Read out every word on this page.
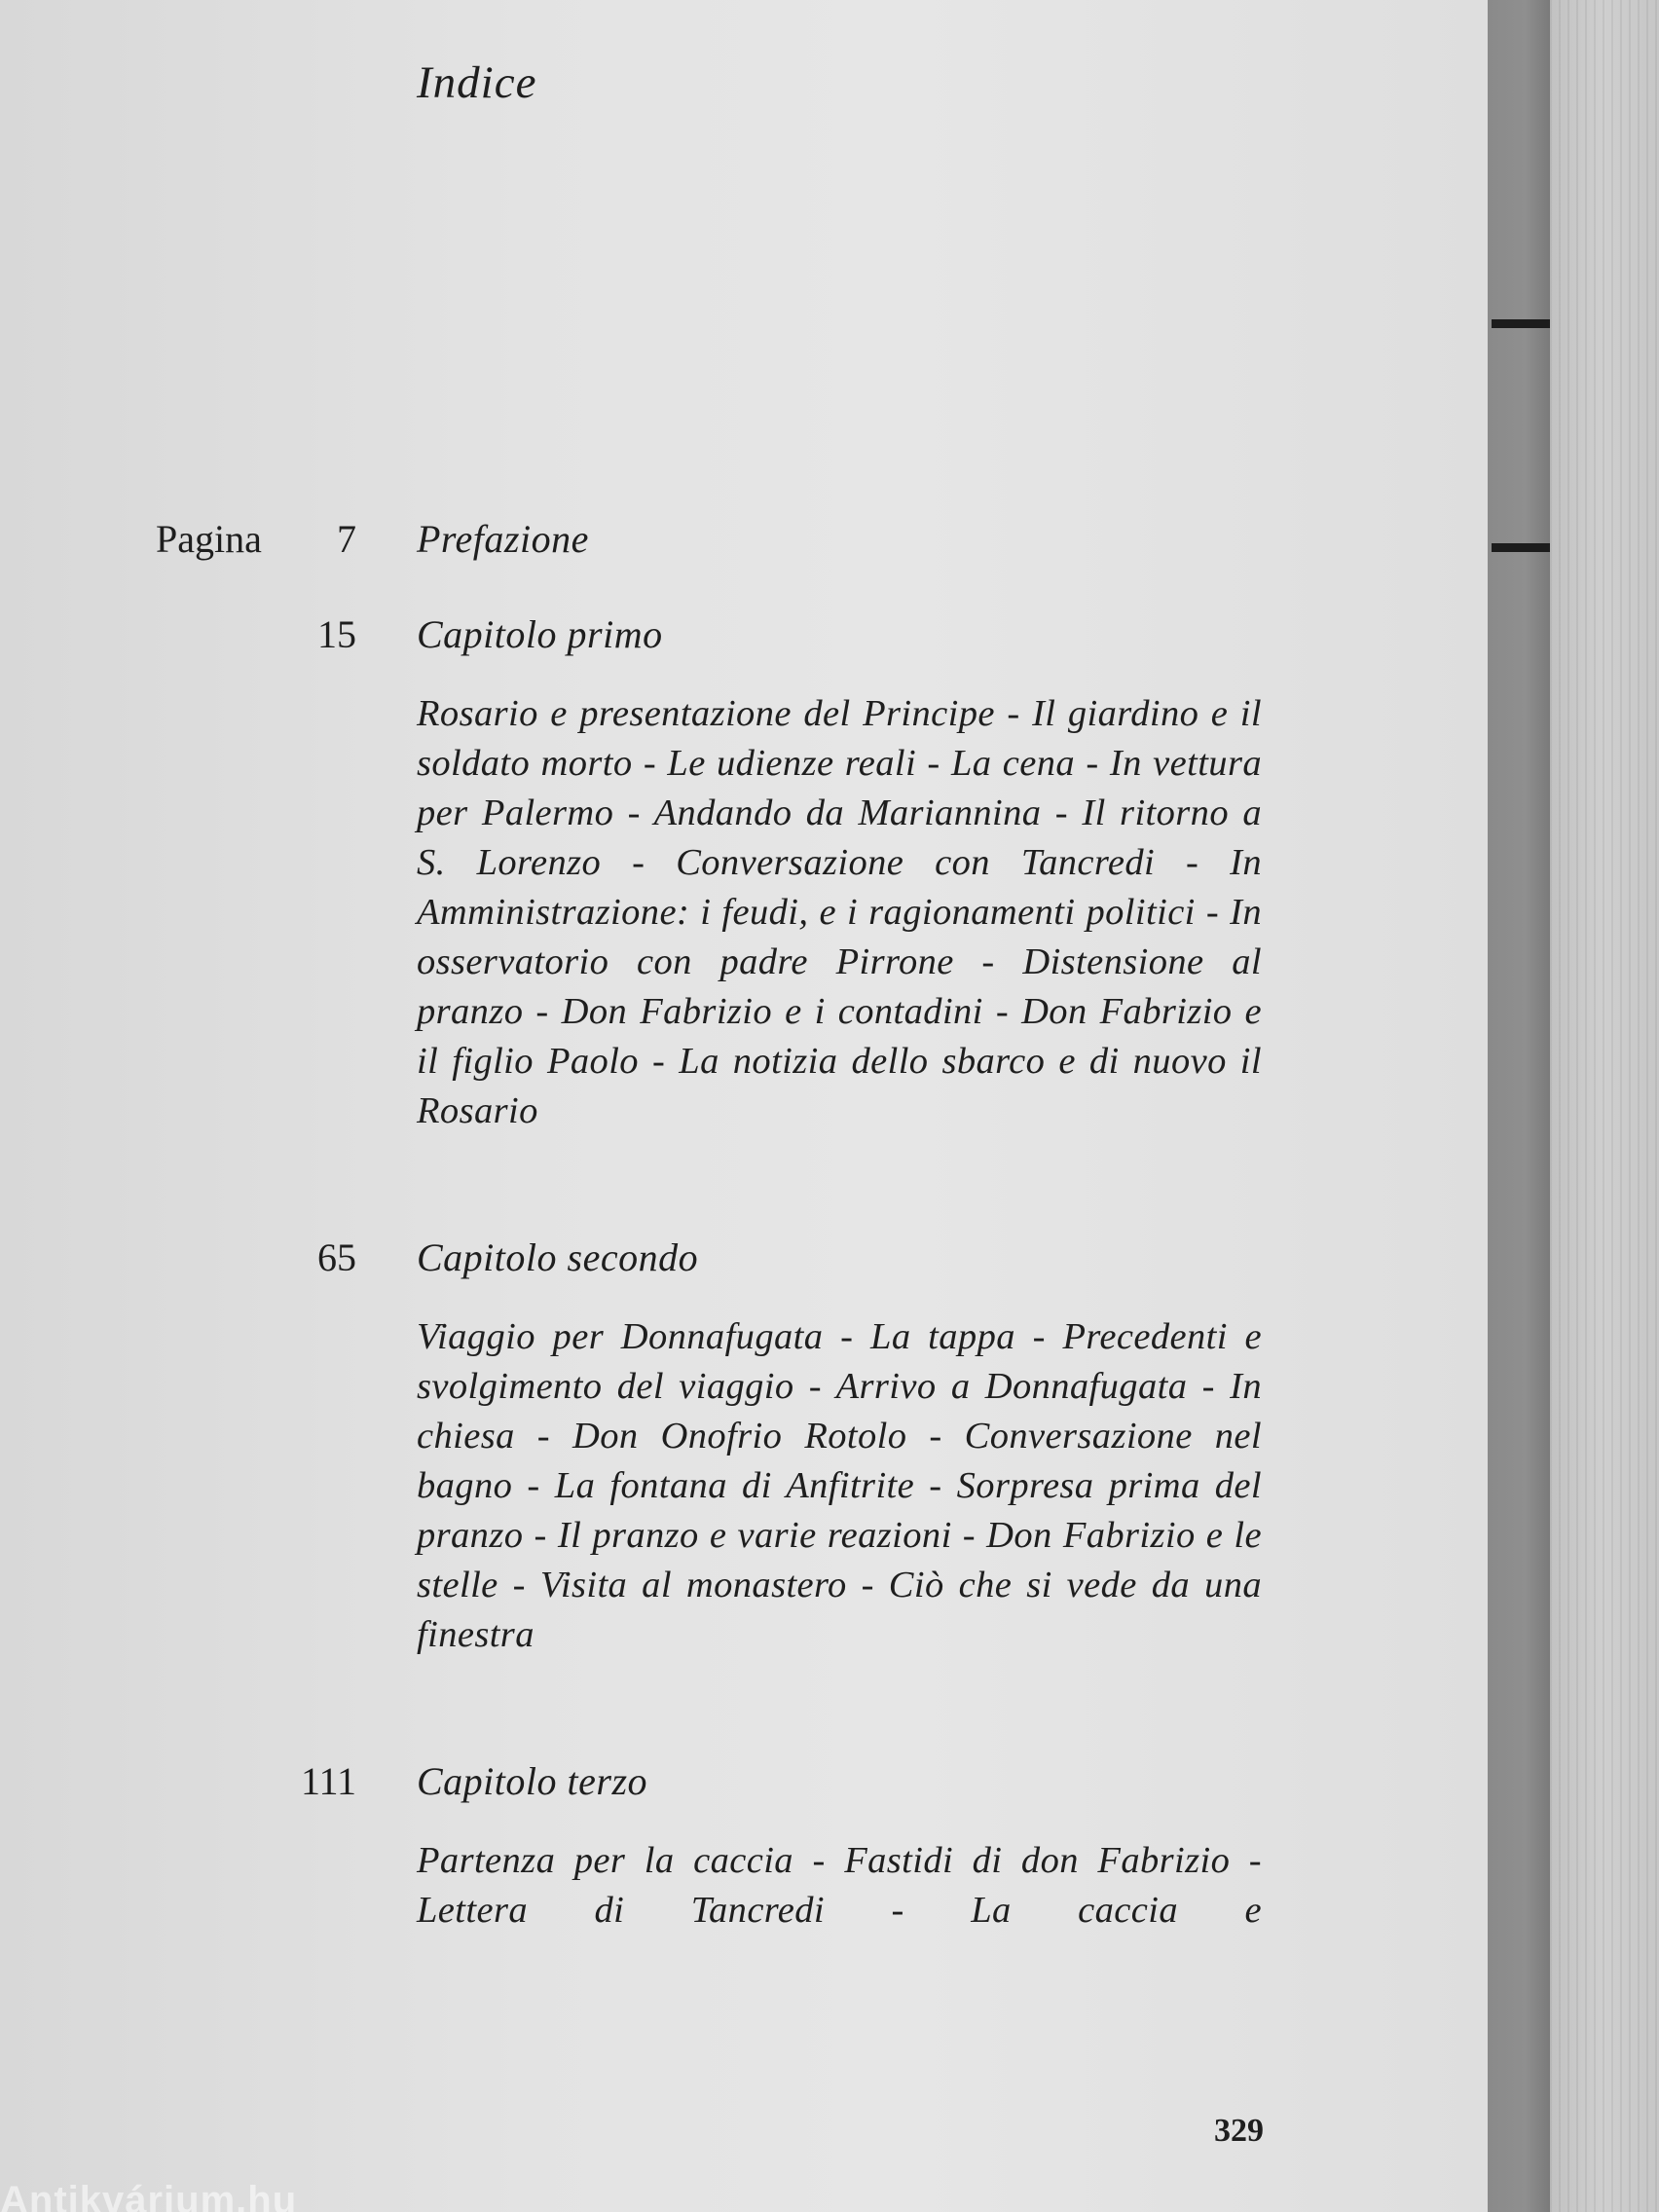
Indice
Pagina	7 Prefazione
15 Capitolo primo
Rosario e presentazione del Principe - Il giardino e il soldato morto - Le udienze reali - La cena - In vettura per Palermo - Andando da Mariannina - Il ritorno a S. Lorenzo - Conversazione con Tancredi - In Amministrazione: i feudi, e i ragionamenti politici - In osservatorio con padre Pirrone - Distensione al pranzo - Don Fabrizio e i contadini - Don Fabrizio e il figlio Paolo - La notizia dello sbarco e di nuovo il Rosario
65 Capitolo secondo
Viaggio per Donnafugata - La tappa - Precedenti e svolgimento del viaggio - Arrivo a Donnafugata - In chiesa - Don Onofrio Rotolo - Conversazione nel bagno - La fontana di Anfitrite - Sorpresa prima del pranzo - Il pranzo e varie reazioni - Don Fabrizio e le stelle - Visita al monastero - Ciò che si vede da una finestra
111 Capitolo terzo
Partenza per la caccia - Fastidi di don Fabrizio - Lettera di Tancredi - La caccia e
329
Antikvárium.hu
